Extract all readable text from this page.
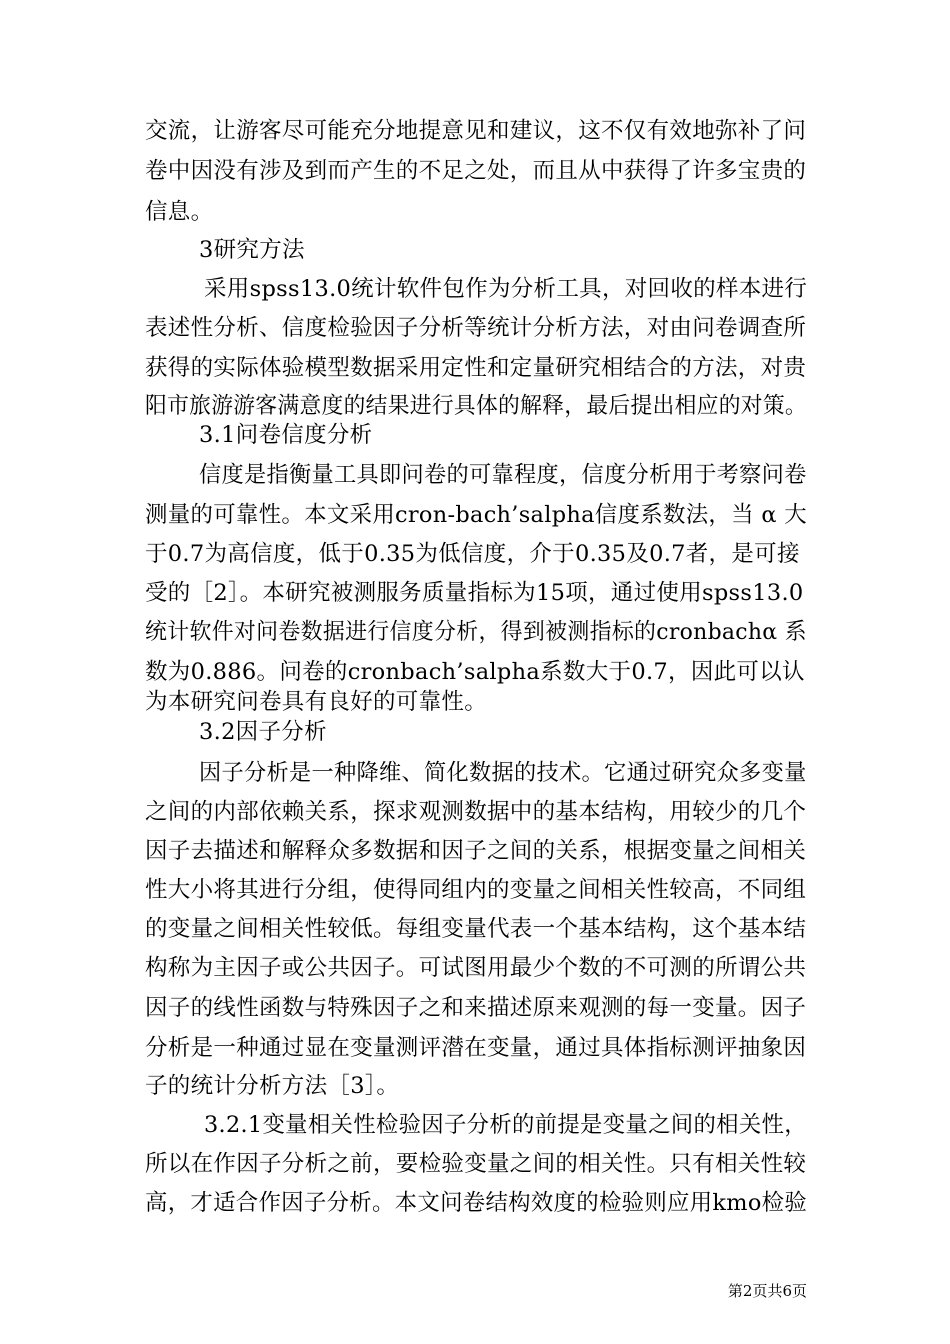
交流，让游客尽可能充分地提意见和建议，这不仅有效地弥补了问
卷中因没有涉及到而产生的不足之处，而且从中获得了许多宝贵的
信息。
3研究方法
采用spss13.0统计软件包作为分析工具，对回收的样本进行
表述性分析、信度检验因子分析等统计分析方法，对由问卷调查所
获得的实际体验模型数据采用定性和定量研究相结合的方法，对贵
阳市旅游游客满意度的结果进行具体的解释，最后提出相应的对策。
3.1问卷信度分析
信度是指衡量工具即问卷的可靠程度，信度分析用于考察问卷
测量的可靠性。本文采用cron-bach’salpha信度系数法，当 α 大
于0.7为高信度，低于0.35为低信度，介于0.35及0.7者，是可接
受的［2］。本研究被测服务质量指标为15项，通过使用spss13.0
统计软件对问卷数据进行信度分析，得到被测指标的cronbachα 系
数为0.886。问卷的cronbach’salpha系数大于0.7，因此可以认
为本研究问卷具有良好的可靠性。
3.2因子分析
因子分析是一种降维、简化数据的技术。它通过研究众多变量
之间的内部依赖关系，探求观测数据中的基本结构，用较少的几个
因子去描述和解释众多数据和因子之间的关系，根据变量之间相关
性大小将其进行分组，使得同组内的变量之间相关性较高，不同组
的变量之间相关性较低。每组变量代表一个基本结构，这个基本结
构称为主因子或公共因子。可试图用最少个数的不可测的所谓公共
因子的线性函数与特殊因子之和来描述原来观测的每一变量。因子
分析是一种通过显在变量测评潜在变量，通过具体指标测评抽象因
子的统计分析方法［3］。
3.2.1变量相关性检验因子分析的前提是变量之间的相关性，
所以在作因子分析之前，要检验变量之间的相关性。只有相关性较
高，才适合作因子分析。本文问卷结构效度的检验则应用kmo检验
第2页共6页
